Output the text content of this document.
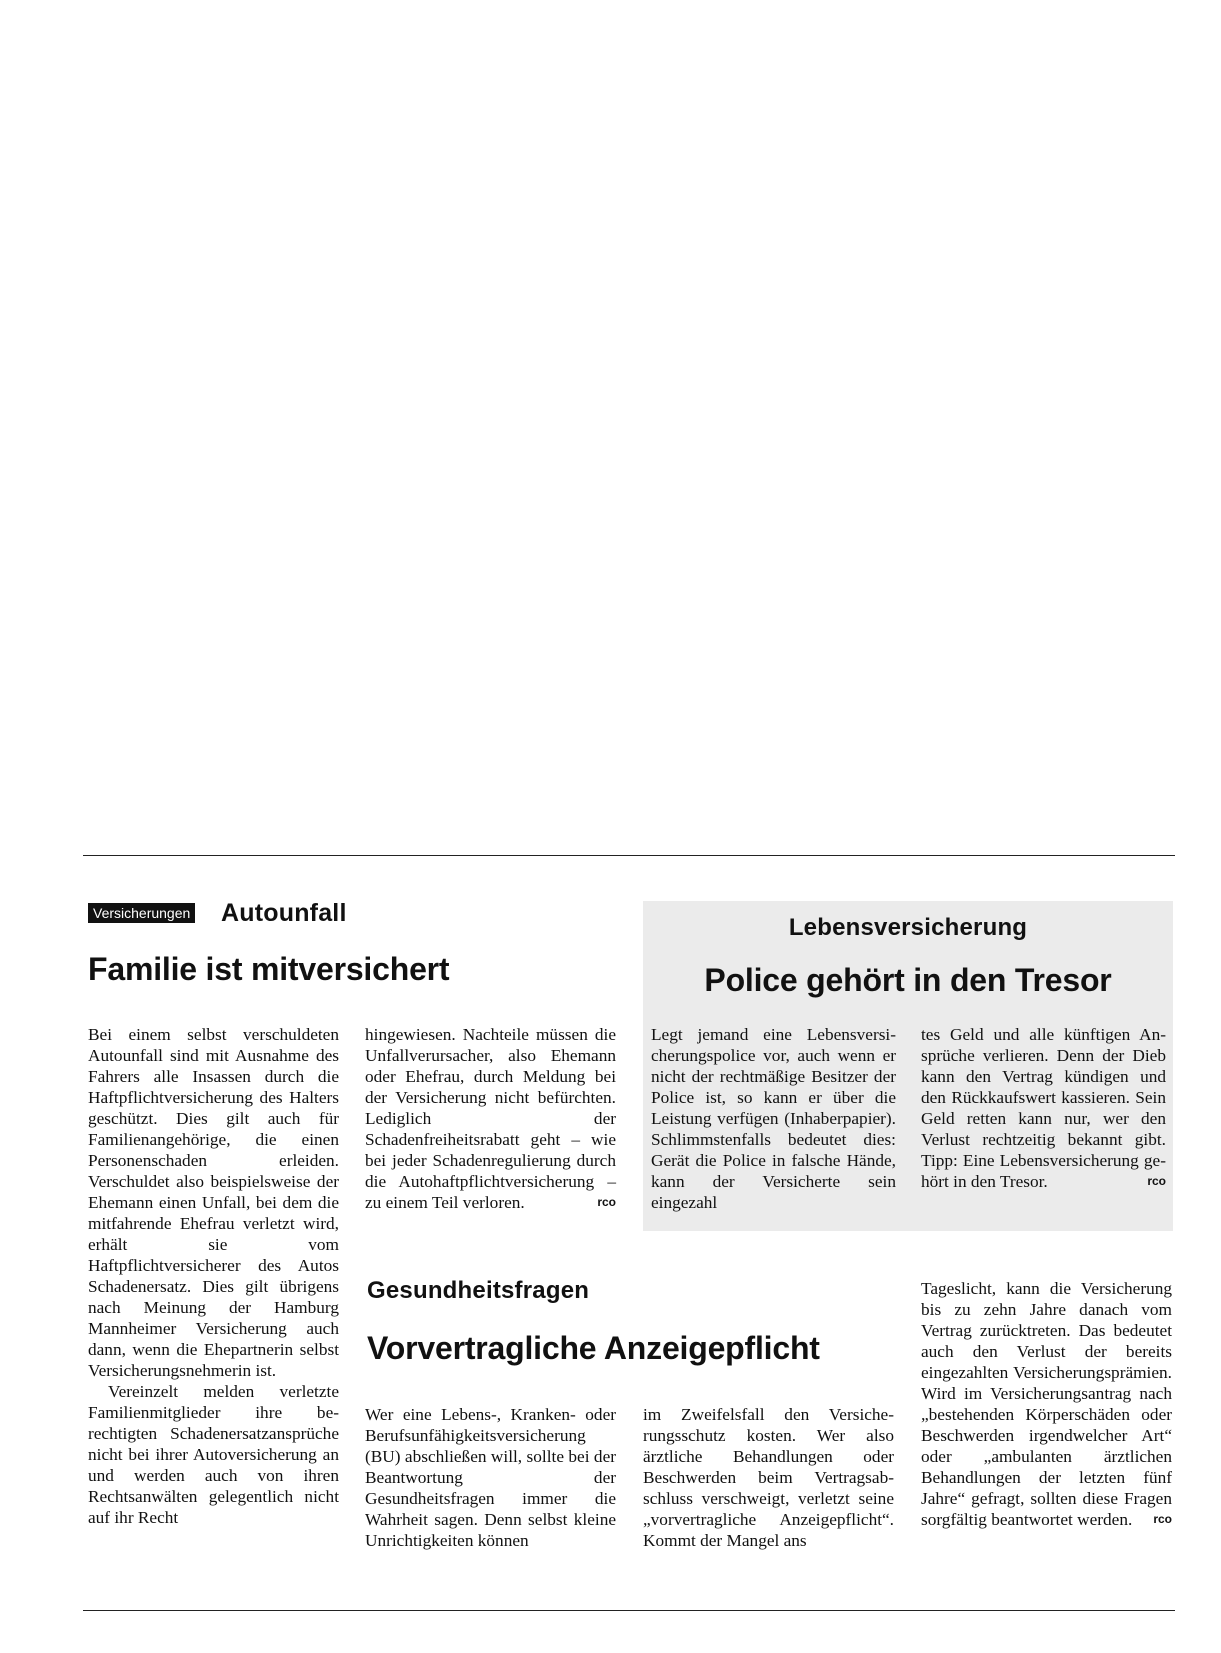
Versicherungen Autounfall
Familie ist mitversichert

Bei einem selbst verschuldeten Autounfall sind mit Ausnahme des Fahrers alle Insassen durch die Haftpflichtversicherung des Halters geschützt. Dies gilt auch für Familienangehörige, die einen Personenschaden erleiden. Verschuldet also beispielsweise der Ehemann einen Unfall, bei dem die mitfahrende Ehefrau verletzt wird, erhält sie vom Haftpflichtversicherer des Autos Schadenersatz. Dies gilt übrigens nach Meinung der Hamburg Mannheimer Versicherung auch dann, wenn die Ehepartnerin selbst Versicherungsnehmerin ist.

Vereinzelt melden verletzte Familienmitglieder ihre berechtigten Schadenersatzansprüche nicht bei ihrer Autoversicherung an und werden auch von ihren Rechtsanwälten gelegentlich nicht auf ihr Recht

hingewiesen. Nachteile müssen die Unfallverursacher, also Ehemann oder Ehefrau, durch Meldung bei der Versicherung nicht befürchten. Lediglich der Schadenfreiheitsrabatt geht – wie bei jeder Schadenregulierung durch die Autohaftpflichtversicherung – zu einem Teil verloren.	rco

Lebensversicherung
Police gehört in den Tresor

Legt jemand eine Lebensversicherungspolice vor, auch wenn er nicht der rechtmäßige Besitzer der Police ist, so kann er über die Leistung verfügen (Inhaberpapier). Schlimmstenfalls bedeutet dies: Gerät die Police in falsche Hände, kann der Versicherte sein eingezahl

tes Geld und alle künftigen Ansprüche verlieren. Denn der Dieb kann den Vertrag kündigen und den Rückkaufswert kassieren. Sein Geld retten kann nur, wer den Verlust rechtzeitig bekannt gibt. Tipp: Eine Lebensversicherung gehört in den Tresor.	rco

Gesundheitsfragen
Vorvertragliche Anzeigepflicht

Wer eine Lebens-, Kranken- oder Berufsunfähigkeitsversicherung (BU) abschließen will, sollte bei der Beantwortung der Gesundheitsfragen immer die Wahrheit sagen. Denn selbst kleine Unrichtigkeiten können

im Zweifelsfall den Versicherungsschutz kosten. Wer also ärztliche Behandlungen oder Beschwerden beim Vertragsabschluss verschweigt, verletzt seine „vorvertragliche Anzeigepflicht“. Kommt der Mangel ans

Tageslicht, kann die Versicherung bis zu zehn Jahre danach vom Vertrag zurücktreten. Das bedeutet auch den Verlust der bereits eingezahlten Versicherungsprämien. Wird im Versicherungsantrag nach „bestehenden Körperschäden oder Beschwerden irgendwelcher Art“ oder „ambulanten ärztlichen Behandlungen der letzten fünf Jahre“ gefragt, sollten diese Fragen sorgfältig beantwortet werden. rco
